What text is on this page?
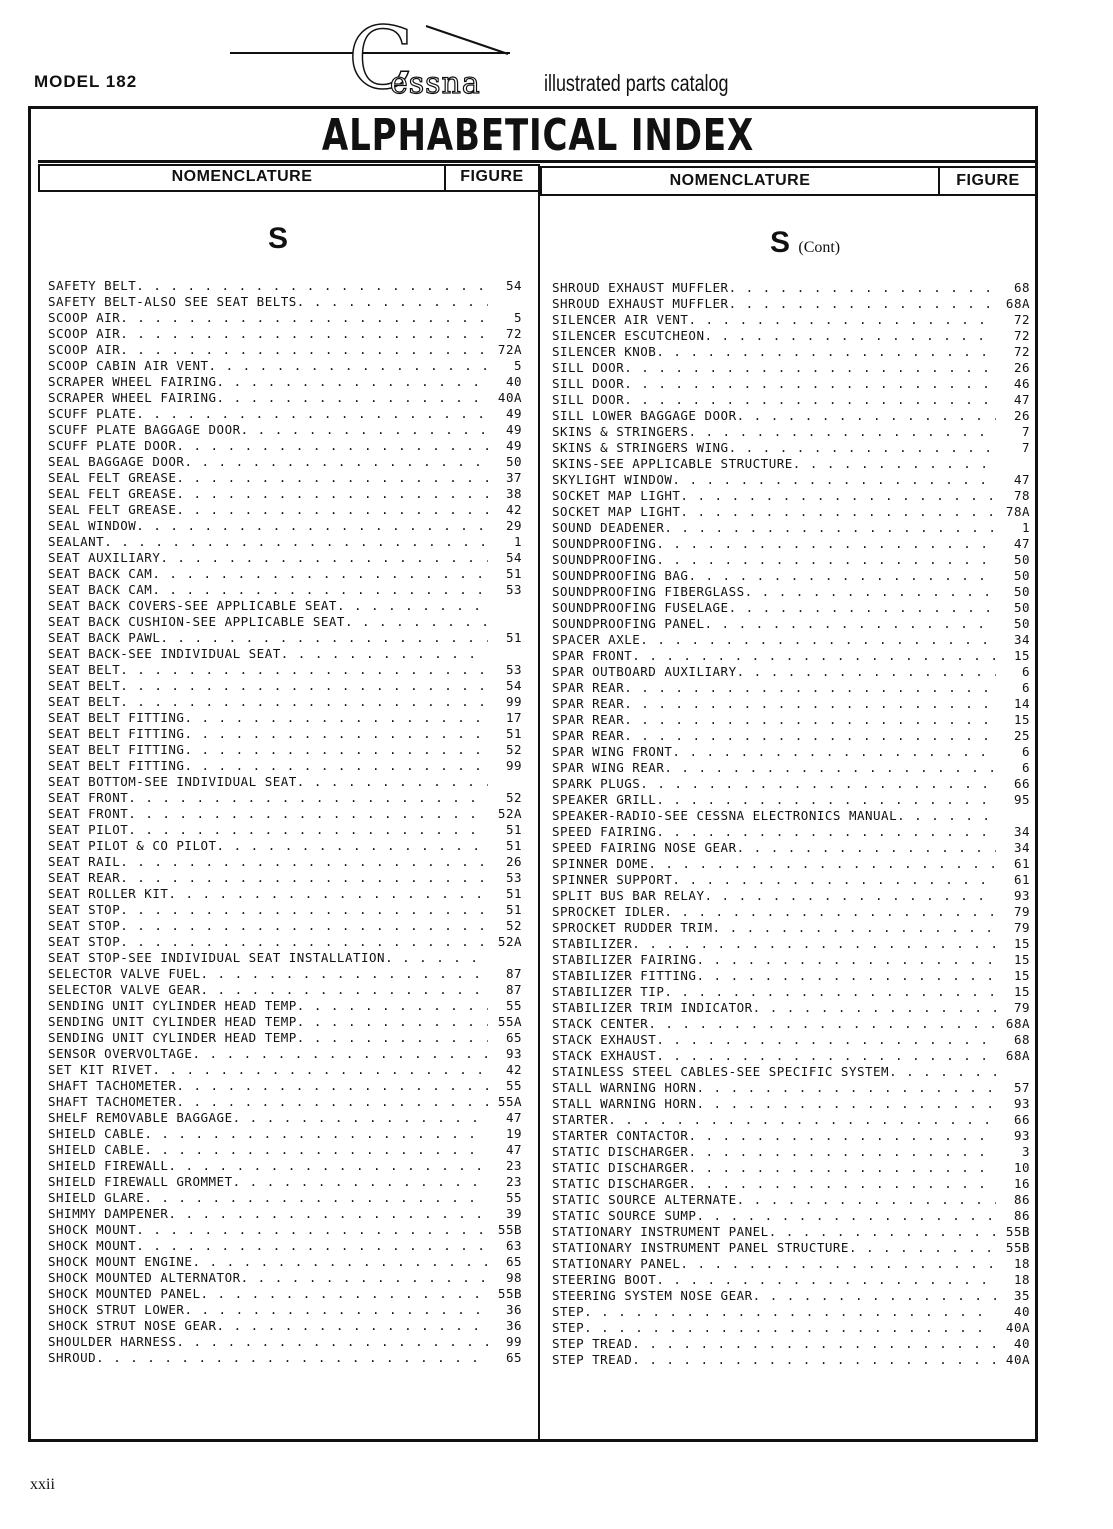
MODEL 182 C
essna	illustrated parts catalog
ALPHABETICAL INDEX
NOMENCLATURE	FIGURE	NOMENCLATURE	FIGURE
S	S (Cont)
SAFETY BELT . . .	54
SAFETY BELT-ALSO SEE SEAT BELTS
. . .
SCOOP AIR . . .	5
SCOOP AIR . . .	72
SCOOP AIR . . .	72A
SCOOP CABIN AIR VENT . . .	5
SCRAPER WHEEL FAIRING . . .	40
SCRAPER WHEEL FAIRING . . .	40A
SCUFF PLATE . . .	49
SCUFF PLATE BAGGAGE DOOR . . .	49
SCUFF PLATE DOOR . . .	49
SEAL BAGGAGE DOOR . . .	50
SEAL FELT GREASE . . .	37
SEAL FELT GREASE . . .	38
SEAL FELT GREASE . . .	42
SEAL WINDOW . . .	29
SEALANT . . .	1
SEAT AUXILIARY . . .	54
SEAT BACK CAM . . .	51
SEAT BACK CAM . . .	53
SEAT BACK COVERS-SEE APPLICABLE SEAT
. . .
SEAT BACK CUSHION-SEE APPLICABLE SEAT
. . .
SEAT BACK PAWL . . .	51
SEAT BACK-SEE INDIVIDUAL SEAT
. . .
SEAT BELT . . .	53
SEAT BELT . . .	54
SEAT BELT . . .	99
SEAT BELT FITTING . . .	17
SEAT BELT FITTING . . .	51
SEAT BELT FITTING . . .	52
SEAT BELT FITTING . . .	99
SEAT BOTTOM-SEE INDIVIDUAL SEAT
. . .
SEAT FRONT . . .	52
SEAT FRONT . . .	52A
SEAT PILOT . . .	51
SEAT PILOT & CO PILOT . . .	51
SEAT RAIL . . .	26
SEAT REAR . . .	53
SEAT ROLLER KIT . . .	51
SEAT STOP . . .	51
SEAT STOP . . .	52
SEAT STOP . . .	52A
SEAT STOP-SEE INDIVIDUAL SEAT INSTALLATION
. . .
SELECTOR VALVE FUEL . . .	87
SELECTOR VALVE GEAR . . .	87
SENDING UNIT CYLINDER HEAD TEMP . . .	55
SENDING UNIT CYLINDER HEAD TEMP . . .	55A
SENDING UNIT CYLINDER HEAD TEMP . . .	65
SENSOR OVERVOLTAGE . . .	93
SET KIT RIVET . . .	42
SHAFT TACHOMETER . . .	55
SHAFT TACHOMETER . . .	55A
SHELF REMOVABLE BAGGAGE . . .	47
SHIELD CABLE . . .	19
SHIELD CABLE . . .	47
SHIELD FIREWALL . . .	23
SHIELD FIREWALL GROMMET . . .	23
SHIELD GLARE . . .	55
SHIMMY DAMPENER . . .	39
SHOCK MOUNT . . .	55B
SHOCK MOUNT . . .	63
SHOCK MOUNT ENGINE . . .	65
SHOCK MOUNTED ALTERNATOR . . .	98
SHOCK MOUNTED PANEL . . .	55B
SHOCK STRUT LOWER . . .	36
SHOCK STRUT NOSE GEAR . . .	36
SHOULDER HARNESS . . .	99
SHROUD . . .	65
SHROUD EXHAUST MUFFLER . . .	68
SHROUD EXHAUST MUFFLER . . .	68A
SILENCER AIR VENT . . .	72
SILENCER ESCUTCHEON . . .	72
SILENCER KNOB . . .	72
SILL DOOR . . .	26
SILL DOOR . . .	46
SILL DOOR . . .	47
SILL LOWER BAGGAGE DOOR . . .	26
SKINS & STRINGERS . . .	7
SKINS & STRINGERS WING . . .	7
SKINS-SEE APPLICABLE STRUCTURE
. . .
SKYLIGHT WINDOW . . .	47
SOCKET MAP LIGHT . . .	78
SOCKET MAP LIGHT . . .	78A
SOUND DEADENER . . .	1
SOUNDPROOFING . . .	47
SOUNDPROOFING . . .	50
SOUNDPROOFING BAG . . .	50
SOUNDPROOFING FIBERGLASS . . .	50
SOUNDPROOFING FUSELAGE . . .	50
SOUNDPROOFING PANEL . . .	50
SPACER AXLE . . .	34
SPAR FRONT . . .	15
SPAR OUTBOARD AUXILIARY . . .	6
SPAR REAR . . .	6
SPAR REAR . . .	14
SPAR REAR . . .	15
SPAR REAR . . .	25
SPAR WING FRONT . . .	6
SPAR WING REAR . . .	6
SPARK PLUGS . . .	66
SPEAKER GRILL . . .	95
SPEAKER-RADIO-SEE CESSNA ELECTRONICS MANUAL
. . .
SPEED FAIRING . . .	34
SPEED FAIRING NOSE GEAR . . .	34
SPINNER DOME . . .	61
SPINNER SUPPORT . . .	61
SPLIT BUS BAR RELAY . . .	93
SPROCKET IDLER . . .	79
SPROCKET RUDDER TRIM . . .	79
STABILIZER . . .	15
STABILIZER FAIRING . . .	15
STABILIZER FITTING . . .	15
STABILIZER TIP . . .	15
STABILIZER TRIM INDICATOR . . .	79
STACK CENTER . . .	68A
STACK EXHAUST . . .	68
STACK EXHAUST . . .	68A
STAINLESS STEEL CABLES-SEE SPECIFIC SYSTEM
. . .
STALL WARNING HORN . . .	57
STALL WARNING HORN . . .	93
STARTER . . .	66
STARTER CONTACTOR . . .	93
STATIC DISCHARGER . . .	3
STATIC DISCHARGER . . .	10
STATIC DISCHARGER . . .	16
STATIC SOURCE ALTERNATE . . .	86
STATIC SOURCE SUMP . . .	86
STATIONARY INSTRUMENT PANEL . . .	55B
STATIONARY INSTRUMENT PANEL STRUCTURE . . .	55B
STATIONARY PANEL . . .	18
STEERING BOOT . . .	18
STEERING SYSTEM NOSE GEAR . . .	35
STEP . . .	40
STEP . . .	40A
STEP TREAD . . .	40
STEP TREAD . . .	40A
xxii
